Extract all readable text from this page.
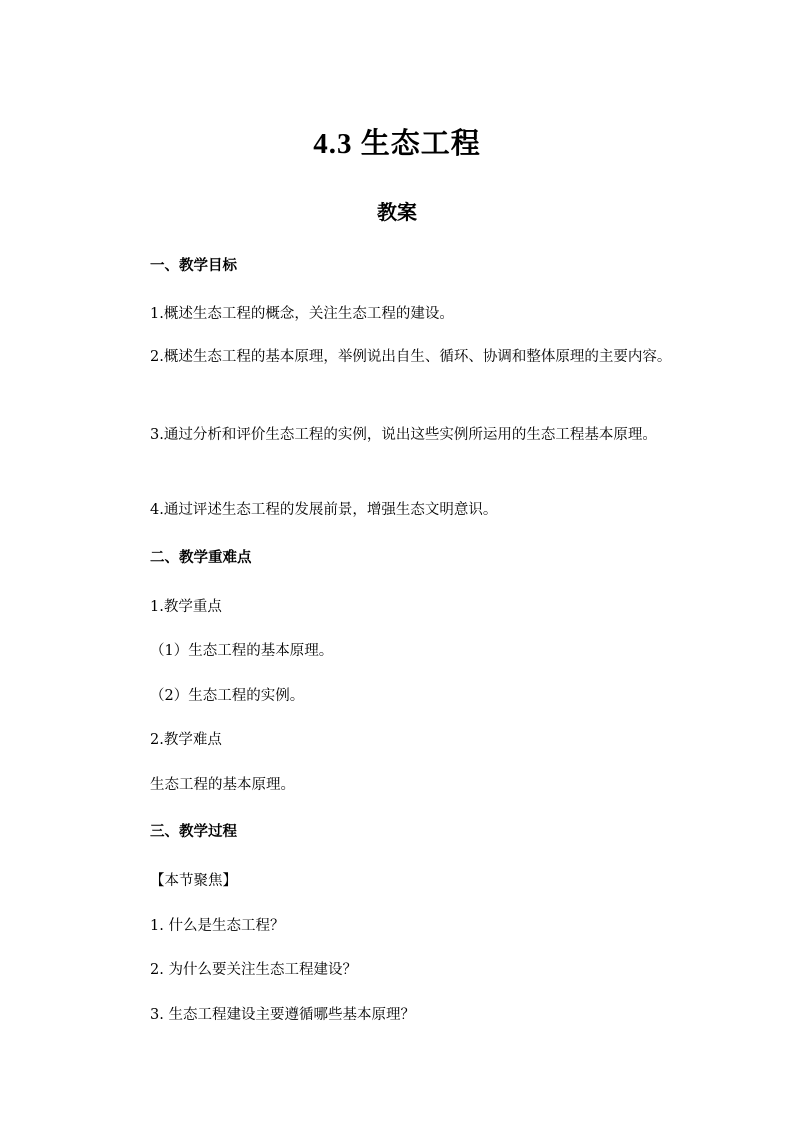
4.3 生态工程
教案
一、教学目标
1.概述生态工程的概念，关注生态工程的建设。
2.概述生态工程的基本原理，举例说出自生、循环、协调和整体原理的主要内容。
3.通过分析和评价生态工程的实例，说出这些实例所运用的生态工程基本原理。
4.通过评述生态工程的发展前景，增强生态文明意识。
二、教学重难点
1.教学重点
（1）生态工程的基本原理。
（2）生态工程的实例。
2.教学难点
生态工程的基本原理。
三、教学过程
【本节聚焦】
1. 什么是生态工程？
2. 为什么要关注生态工程建设？
3. 生态工程建设主要遵循哪些基本原理？
